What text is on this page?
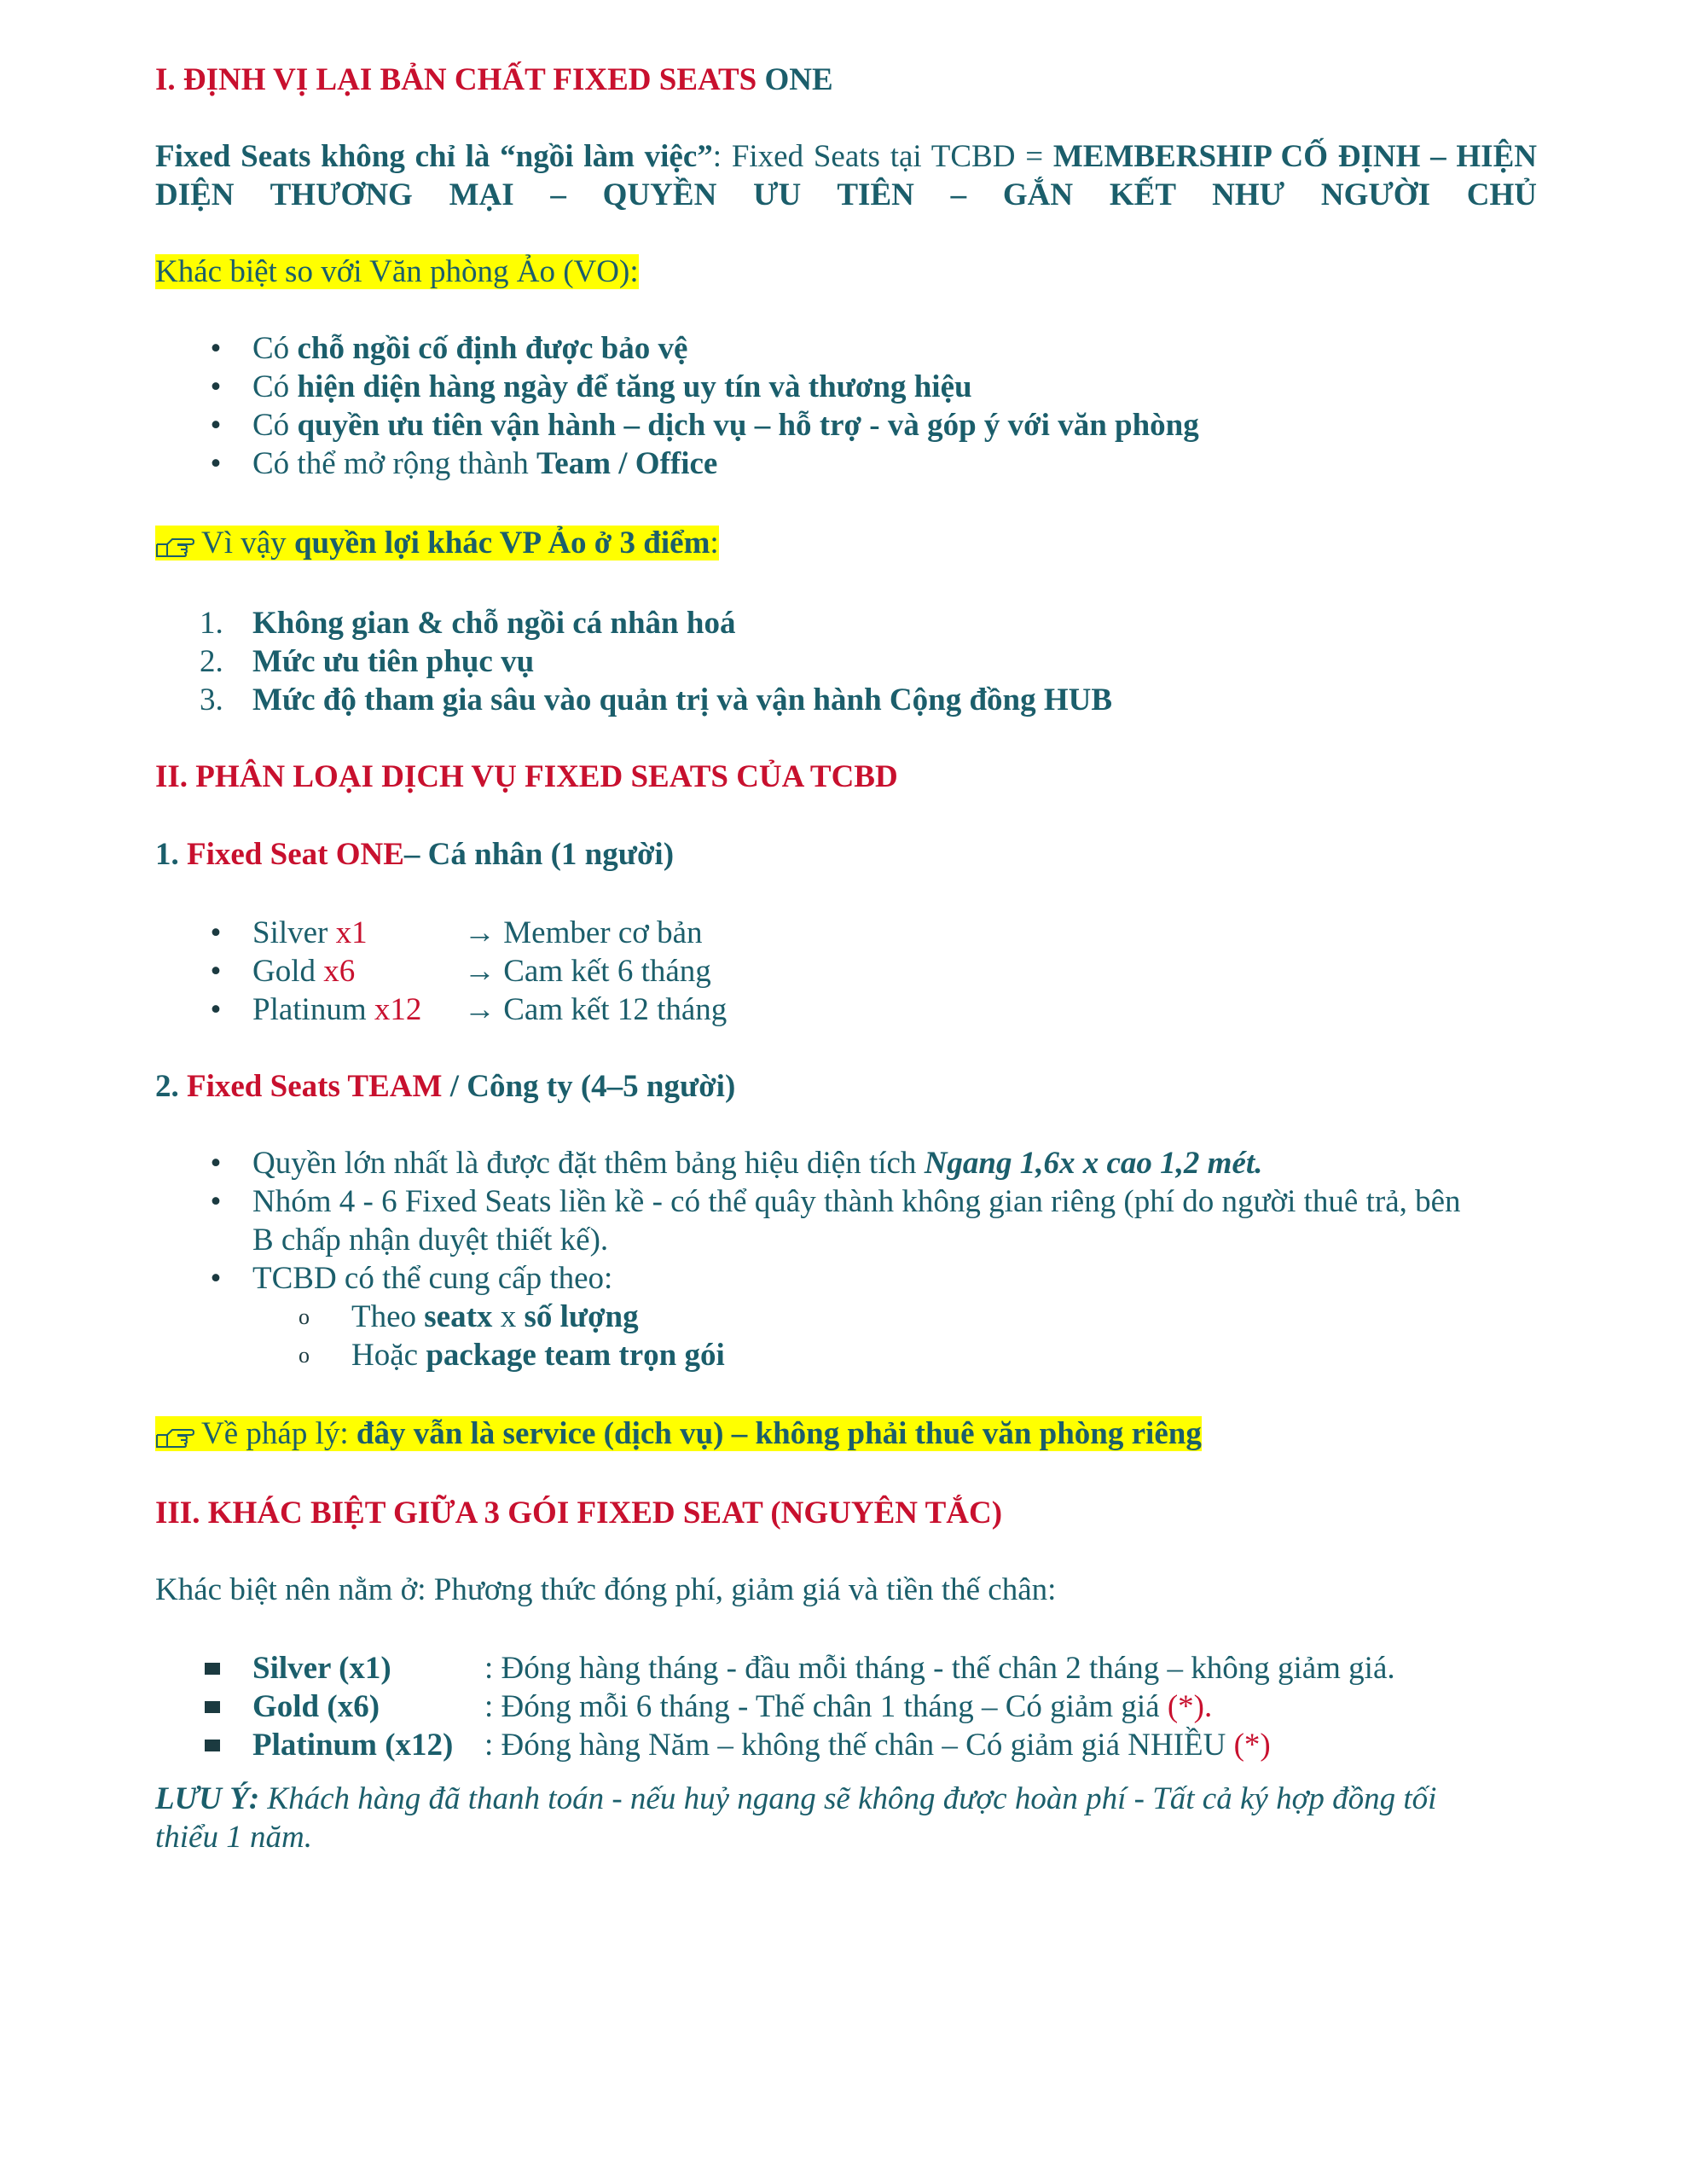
I. ĐỊNH VỊ LẠI BẢN CHẤT FIXED SEATS ONE
Fixed Seats không chỉ là “ngồi làm việc”: Fixed Seats tại TCBD = MEMBERSHIP CỐ ĐỊNH – HIỆN DIỆN THƯƠNG MẠI – QUYỀN ƯU TIÊN – GẮN KẾT NHƯ NGƯỜI CHỦ
Khác biệt so với Văn phòng Ảo (VO):
• Có chỗ ngồi cố định được bảo vệ
• Có hiện diện hàng ngày để tăng uy tín và thương hiệu
• Có quyền ưu tiên vận hành – dịch vụ – hỗ trợ - và góp ý với văn phòng
• Có thể mở rộng thành Team / Office
Vì vậy quyền lợi khác VP Ảo ở 3 điểm:
1. Không gian & chỗ ngồi cá nhân hoá
2. Mức ưu tiên phục vụ
3. Mức độ tham gia sâu vào quản trị và vận hành Cộng đồng HUB
II. PHÂN LOẠI DỊCH VỤ FIXED SEATS CỦA TCBD
1. Fixed Seat ONE– Cá nhân (1 người)
• Silver x1	→ Member cơ bản
• Gold x6	→ Cam kết 6 tháng
• Platinum x12	→ Cam kết 12 tháng
2. Fixed Seats TEAM / Công ty (4–5 người)
• Quyền lớn nhất là được đặt thêm bảng hiệu diện tích Ngang 1,6x x cao 1,2 mét.
• Nhóm 4 - 6 Fixed Seats liền kề - có thể quây thành không gian riêng (phí do người thuê trả, bên
B chấp nhận duyệt thiết kế).
• TCBD có thể cung cấp theo:
o Theo seatx x số lượng
o Hoặc package team trọn gói
Về pháp lý: đây vẫn là service (dịch vụ) – không phải thuê văn phòng riêng
III. KHÁC BIỆT GIỮA 3 GÓI FIXED SEAT (NGUYÊN TẮC)
Khác biệt nên nằm ở: Phương thức đóng phí, giảm giá và tiền thế chân:
Silver (x1)	: Đóng hàng tháng - đầu mỗi tháng - thế chân 2 tháng – không giảm giá.
Gold (x6)	: Đóng mỗi 6 tháng - Thế chân 1 tháng – Có giảm giá (*).
Platinum (x12) : Đóng hàng Năm – không thế chân – Có giảm giá NHIỀU (*)
LƯU Ý: Khách hàng đã thanh toán - nếu huỷ ngang sẽ không được hoàn phí - Tất cả ký hợp đồng tối
thiểu 1 năm.
